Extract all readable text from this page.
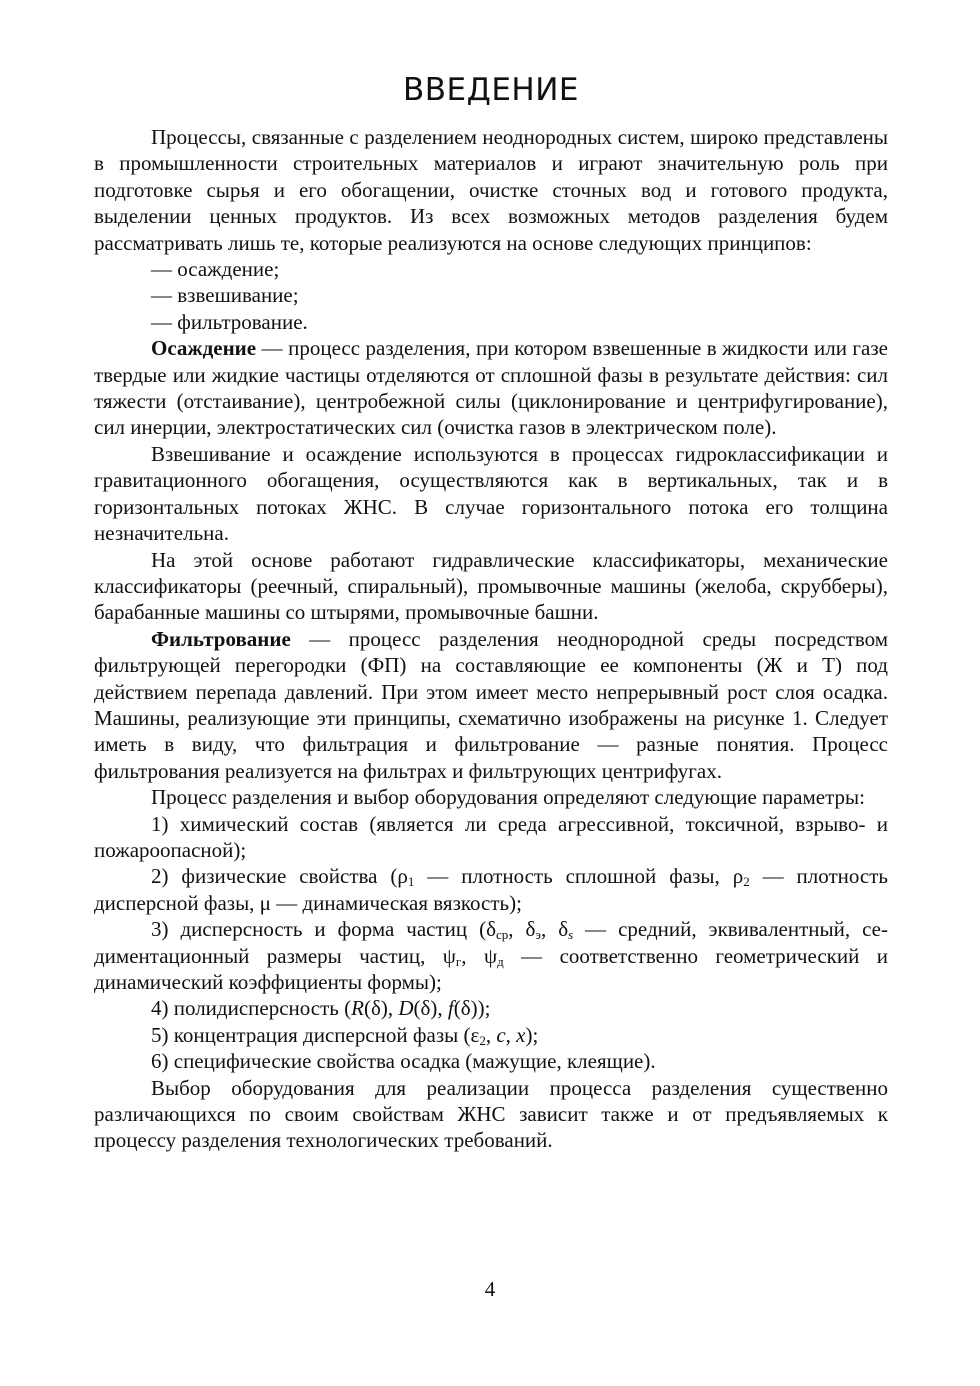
ВВЕДЕНИЕ

Процессы, связанные с разделением неоднородных систем, широко представлены в промышленности строительных материалов и играют значительную роль при подготовке сырья и его обогащении, очистке сточных вод и готового продукта, выделении ценных продуктов. Из всех возможных методов разделения будем рассматривать лишь те, которые реализуются на основе следующих принципов:

— осаждение;

— взвешивание;

— фильтрование.

Осаждение — процесс разделения, при котором взвешенные в жидкости или газе твердые или жидкие частицы отделяются от сплошной фазы в результате действия: сил тяжести (отстаивание), центробежной силы (циклонирование и центрифугирование), сил инерции, электростатических сил (очистка газов в электрическом поле).

Взвешивание и осаждение используются в процессах гидроклассификации и гравитационного обогащения, осуществляются как в вертикальных, так и в горизонтальных потоках ЖНС. В случае горизонтального потока его толщина незначительна.

На этой основе работают гидравлические классификаторы, механические классификаторы (реечный, спиральный), промывочные машины (желоба, скрубберы), барабанные машины со штырями, промывочные башни.

Фильтрование — процесс разделения неоднородной среды посредством фильтрующей перегородки (ФП) на составляющие ее компоненты (Ж и Т) под действием перепада давлений. При этом имеет место непрерывный рост слоя осадка. Машины, реализующие эти принципы, схематично изображены на рисунке 1. Следует иметь в виду, что фильтрация и фильтрование — разные понятия. Процесс фильтрования реализуется на фильтрах и фильтрующих центрифугах.

Процесс разделения и выбор оборудования определяют следующие параметры:

1) химический состав (является ли среда агрессивной, токсичной, взрыво- и пожароопасной);

2) физические свойства ($\rho_1$ — плотность сплошной фазы, $\rho_2$ — плотность дисперсной фазы, μ — динамическая вязкость);

3) дисперсность и форма частиц ($\delta_{ср}$, $\delta_э$, $\delta_s$ — средний, эквивалентный, седиментационный размеры частиц, $\psi_г$, $\psi_д$ — соответственно геометрический и динамический коэффициенты формы);

4) полидисперсность (R(δ), D(δ), f(δ));

5) концентрация дисперсной фазы ($\varepsilon_2$, c, x);

6) специфические свойства осадка (мажущие, клеящие).

Выбор оборудования для реализации процесса разделения существенно различающихся по своим свойствам ЖНС зависит также и от предъявляемых к процессу разделения технологических требований.

4
